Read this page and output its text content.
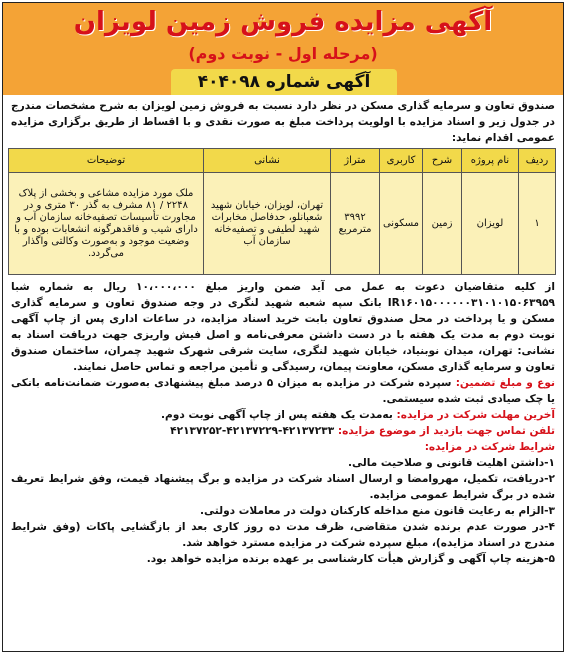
آگهی مزایده فروش زمین لویزان
(مرحله اول - نوبت دوم)
آگهی شماره ۴۰۴۰۹۸
صندوق تعاون و سرمایه گذاری مسکن در نظر دارد نسبت به فروش زمین لویزان به شرح مشخصات مندرج در جدول زیر و اسناد مزایده با اولویت پرداخت مبلغ به صورت نقدی و با اقساط از طریق برگزاری مزایده عمومی اقدام نماید:
ردیف	نام پروژه	شرح	کاربری	متراژ	نشانی	توضیحات
۱	لویزان	زمین	مسکونی	۳۹۹۲ مترمربع	تهران، لویزان، خیابان شهید شعبانلو، حدفاصل مخابرات شهید لطیفی و تصفیه‌خانه سازمان آب	ملک مورد مزایده مشاعی و بخشی از پلاک ۲۲۴۸ / ۸۱ مشرف به گذر ۳۰ متری و در مجاورت تأسیسات تصفیه‌خانه سازمان آب و دارای شیب و فاقدهرگونه انشعابات بوده و با وضعیت موجود و به‌صورت وکالتی واگذار می‌گردد.

از کلیه متقاضیان دعوت به عمل می آید ضمن واریز مبلغ ۱۰،۰۰۰،۰۰۰ ریال به شماره شبا IR۱۶۰۱۵۰۰۰۰۰۰۳۱۰۱۰۱۵۰۶۳۹۵۹ بانک سپه شعبه شهید لنگری در وجه صندوق تعاون و سرمایه گذاری مسکن و یا پرداخت در محل صندوق تعاون بابت خرید اسناد مزایده، در ساعات اداری پس از چاپ آگهی نوبت دوم به مدت یک هفته با در دست داشتن معرفی‌نامه و اصل فیش واریزی جهت دریافت اسناد به نشانی: تهران، میدان نوبنیاد، خیابان شهید لنگری، سایت شرقی شهرک شهید چمران، ساختمان صندوق تعاون و سرمایه گذاری مسکن، معاونت پیمان، رسیدگی و تأمین مراجعه و تماس حاصل نمایند.

نوع و مبلغ تضمین: سپرده شرکت در مزایده به میزان ۵ درصد مبلغ پیشنهادی به‌صورت ضمانت‌نامه بانکی یا چک صیادی ثبت شده سیستمی.

آخرین مهلت شرکت در مزایده: به‌مدت یک هفته پس از چاپ آگهی نوبت دوم.

تلفن تماس جهت بازدید از موضوع مزایده: ۴۲۱۳۷۲۳۳-۴۲۱۳۷۲۲۹-۴۲۱۳۷۲۵۲

شرایط شرکت در مزایده:

۱-داشتن اهلیت قانونی و صلاحیت مالی.

۲-دریافت، تکمیل، مهروامضا و ارسال اسناد شرکت در مزایده و برگ پیشنهاد قیمت، وفق شرایط تعریف شده در برگ شرایط عمومی مزایده.

۳-الزام به رعایت قانون منع مداخله کارکنان دولت در معاملات دولتی.

۴-در صورت عدم برنده شدن متقاضی، ظرف مدت ده روز کاری بعد از بازگشایی پاکات (وفق شرایط مندرج در اسناد مزایده)، مبلغ سپرده شرکت در مزایده مسترد خواهد شد.

۵-هزینه چاپ آگهی و گزارش هیأت کارشناسی بر عهده برنده مزایده خواهد بود.
